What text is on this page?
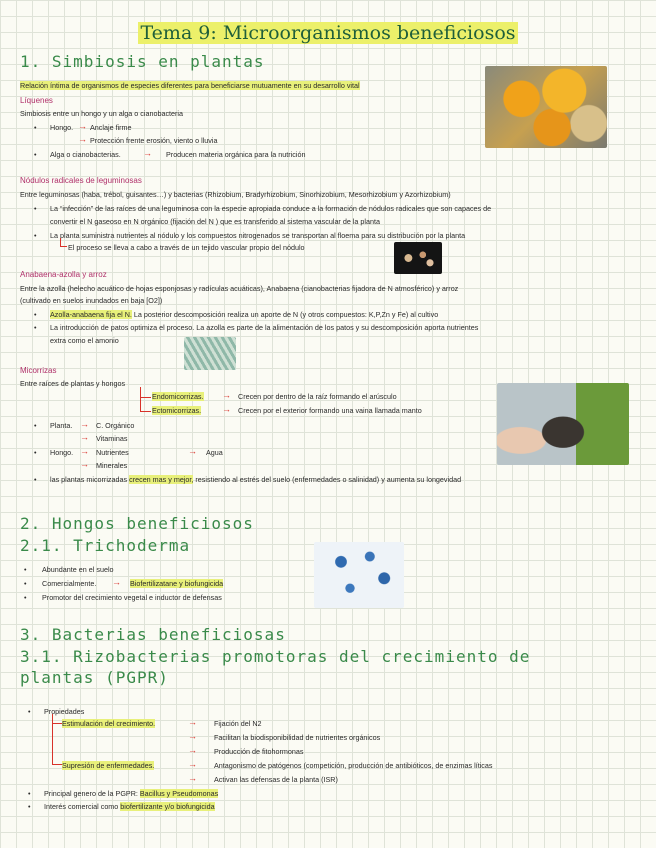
Tema 9: Microorganismos beneficiosos
1. Simbiosis en plantas
Relación íntima de organismos de especies diferentes para beneficiarse mutuamente en su desarrollo vital
Líquenes
Simbiosis entre un hongo y un alga o cianobacteria
• Hongo. → Anclaje firme
→ Protección frente erosión, viento o lluvia
• Alga o cianobacterias. → Producen materia orgánica para la nutrición
Nódulos radicales de leguminosas
Entre leguminosas (haba, trébol, guisantes…) y bacterias (Rhizobium, Bradyrhizobium, Sinorhizobium, Mesorhizobium y Azorhizobium)
• La “infección” de las raíces de una leguminosa con la especie apropiada conduce a la formación de nódulos radicales que son capaces de
convertir el N gaseoso en N orgánico (fijación del N ) que es transferido al sistema vascular de la planta
• La planta suministra nutrientes al nódulo y los compuestos nitrogenados se transportan al floema para su distribución por la planta
El proceso se lleva a cabo a través de un tejido vascular propio del nódulo
Anabaena-azolla y arroz
Entre la azolla (helecho acuático de hojas esponjosas y radículas acuáticas), Anabaena (cianobacterias fijadora de N atmosférico) y arroz
(cultivado en suelos inundados en baja [O2])
• Azolla-anabaena fija el N. La posterior descomposición realiza un aporte de N (y otros compuestos: K,P,Zn y Fe) al cultivo
• La introducción de patos optimiza el proceso. La azolla es parte de la alimentación de los patos y su descomposición aporta nutrientes
extra como el amonio
Micorrizas
Entre raíces de plantas y hongos
Endomicorrizas. → Crecen por dentro de la raíz formando el arúsculo
Ectomicorrizas. → Crecen por el exterior formando una vaina llamada manto
• Planta. → C. Orgánico
→ Vitaminas
• Hongo. → Nutrientes	→ Agua
→ Minerales
• las plantas micorrizadas crecen mas y mejor, resistiendo al estrés del suelo (enfermedades o salinidad) y aumenta su longevidad
2. Hongos beneficiosos
2.1. Trichoderma
• Abundante en el suelo
• Comercialmente. → Biofertilizatane y biofungicida
• Promotor del crecimiento vegetal e inductor de defensas
3. Bacterias beneficiosas
3.1. Rizobacterias promotoras del crecimiento de
plantas (PGPR)
• Propiedades
Estimulación del crecimiento.	→ Fijación del N2
→ Facilitan la biodisponibilidad de nutrientes orgánicos
→ Producción de fitohormonas
Supresión de enfermedades.	→ Antagonismo de patógenos (competición, producción de antibióticos, de enzimas líticas
→ Activan las defensas de la planta (ISR)
• Principal genero de la PGPR: Bacillus y Pseudomonas
• Interés comercial como biofertilizante y/o biofungicida
